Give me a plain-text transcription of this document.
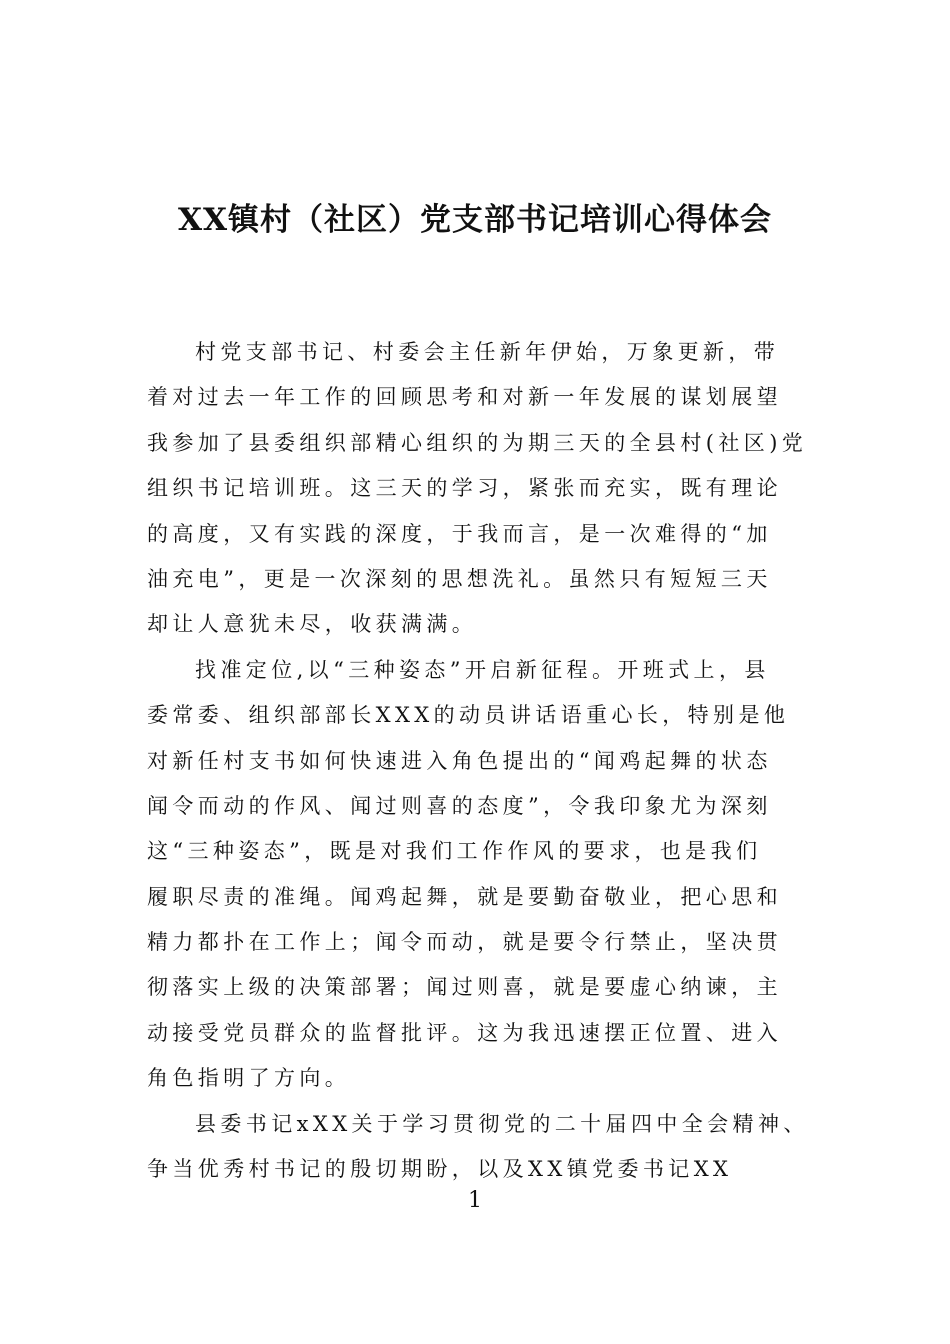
XX镇村（社区）党支部书记培训心得体会
村党支部书记、村委会主任新年伊始，万象更新，带
着对过去一年工作的回顾思考和对新一年发展的谋划展望
我参加了县委组织部精心组织的为期三天的全县村(社区)党
组织书记培训班。这三天的学习，紧张而充实，既有理论
的高度，又有实践的深度，于我而言，是一次难得的“加
油充电”，更是一次深刻的思想洗礼。虽然只有短短三天
却让人意犹未尽，收获满满。
找准定位,以“三种姿态”开启新征程。开班式上，县
委常委、组织部部长XXX的动员讲话语重心长，特别是他
对新任村支书如何快速进入角色提出的“闻鸡起舞的状态
闻令而动的作风、闻过则喜的态度”，令我印象尤为深刻
这“三种姿态”，既是对我们工作作风的要求，也是我们
履职尽责的准绳。闻鸡起舞，就是要勤奋敬业，把心思和
精力都扑在工作上；闻令而动，就是要令行禁止，坚决贯
彻落实上级的决策部署；闻过则喜，就是要虚心纳谏，主
动接受党员群众的监督批评。这为我迅速摆正位置、进入
角色指明了方向。
县委书记xXX关于学习贯彻党的二十届四中全会精神、
争当优秀村书记的殷切期盼，以及XX镇党委书记XX
1
